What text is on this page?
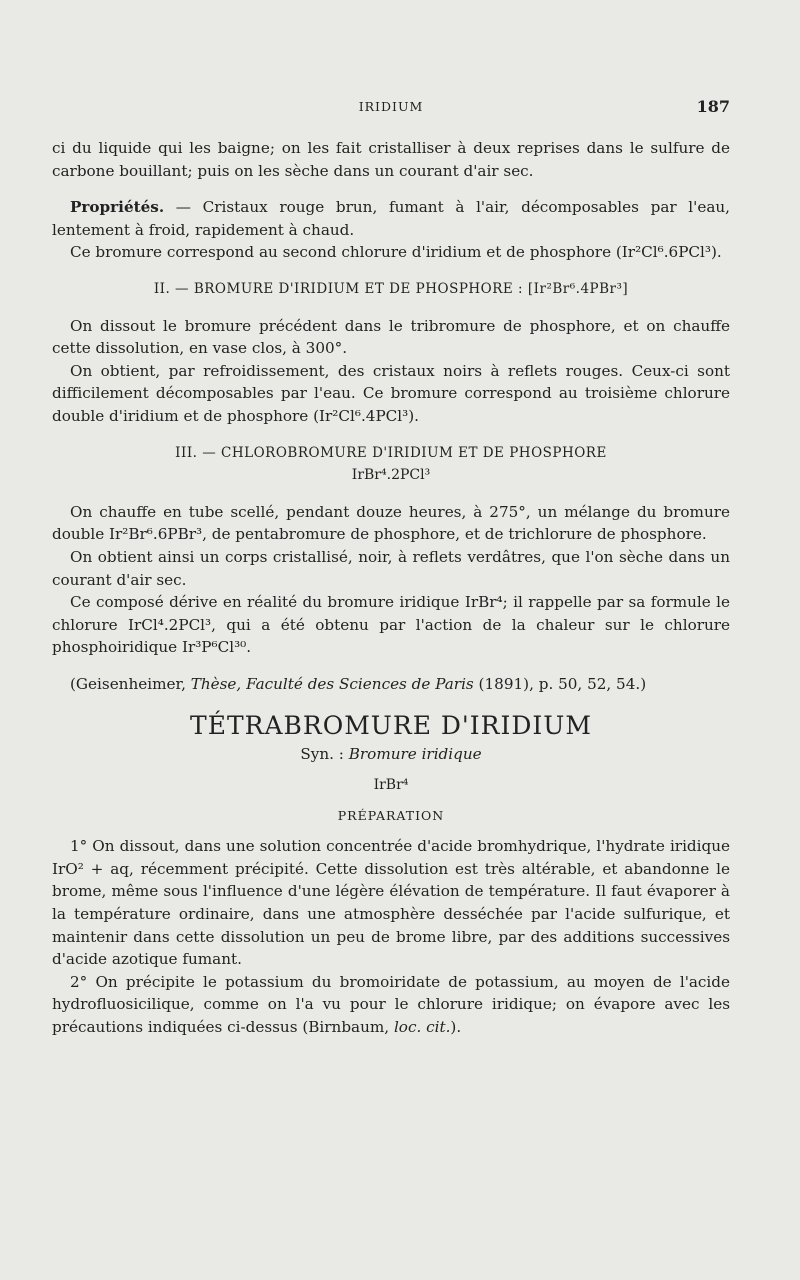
IRIDIUM	187

ci du liquide qui les baigne; on les fait cristalliser à deux reprises dans le sulfure de carbone bouillant; puis on les sèche dans un courant d'air sec.

Propriétés. — Cristaux rouge brun, fumant à l'air, décomposables par l'eau, lentement à froid, rapidement à chaud.

Ce bromure correspond au second chlorure d'iridium et de phosphore (Ir²Cl⁶.6PCl³).

II. — BROMURE D'IRIDIUM ET DE PHOSPHORE : [Ir²Br⁶.4PBr³]

On dissout le bromure précédent dans le tribromure de phosphore, et on chauffe cette dissolution, en vase clos, à 300°.

On obtient, par refroidissement, des cristaux noirs à reflets rouges. Ceux-ci sont difficilement décomposables par l'eau. Ce bromure correspond au troisième chlorure double d'iridium et de phosphore (Ir²Cl⁶.4PCl³).

III. — CHLOROBROMURE D'IRIDIUM ET DE PHOSPHORE

IrBr⁴.2PCl³

On chauffe en tube scellé, pendant douze heures, à 275°, un mélange du bromure double Ir²Br⁶.6PBr³, de pentabromure de phosphore, et de trichlorure de phosphore.

On obtient ainsi un corps cristallisé, noir, à reflets verdâtres, que l'on sèche dans un courant d'air sec.

Ce composé dérive en réalité du bromure iridique IrBr⁴; il rappelle par sa formule le chlorure IrCl⁴.2PCl³, qui a été obtenu par l'action de la chaleur sur le chlorure phosphoiridique Ir³P⁶Cl³⁰.

(Geisenheimer, Thèse, Faculté des Sciences de Paris (1891), p. 50, 52, 54.)

TÉTRABROMURE D'IRIDIUM

Syn. : Bromure iridique

IrBr⁴

PRÉPARATION

1° On dissout, dans une solution concentrée d'acide bromhydrique, l'hydrate iridique IrO² + aq, récemment précipité. Cette dissolution est très altérable, et abandonne le brome, même sous l'influence d'une légère élévation de température. Il faut évaporer à la température ordinaire, dans une atmosphère desséchée par l'acide sulfurique, et maintenir dans cette dissolution un peu de brome libre, par des additions successives d'acide azotique fumant.

2° On précipite le potassium du bromoiridate de potassium, au moyen de l'acide hydrofluosicilique, comme on l'a vu pour le chlorure iridique; on évapore avec les précautions indiquées ci-dessus (Birnbaum, loc. cit.).
